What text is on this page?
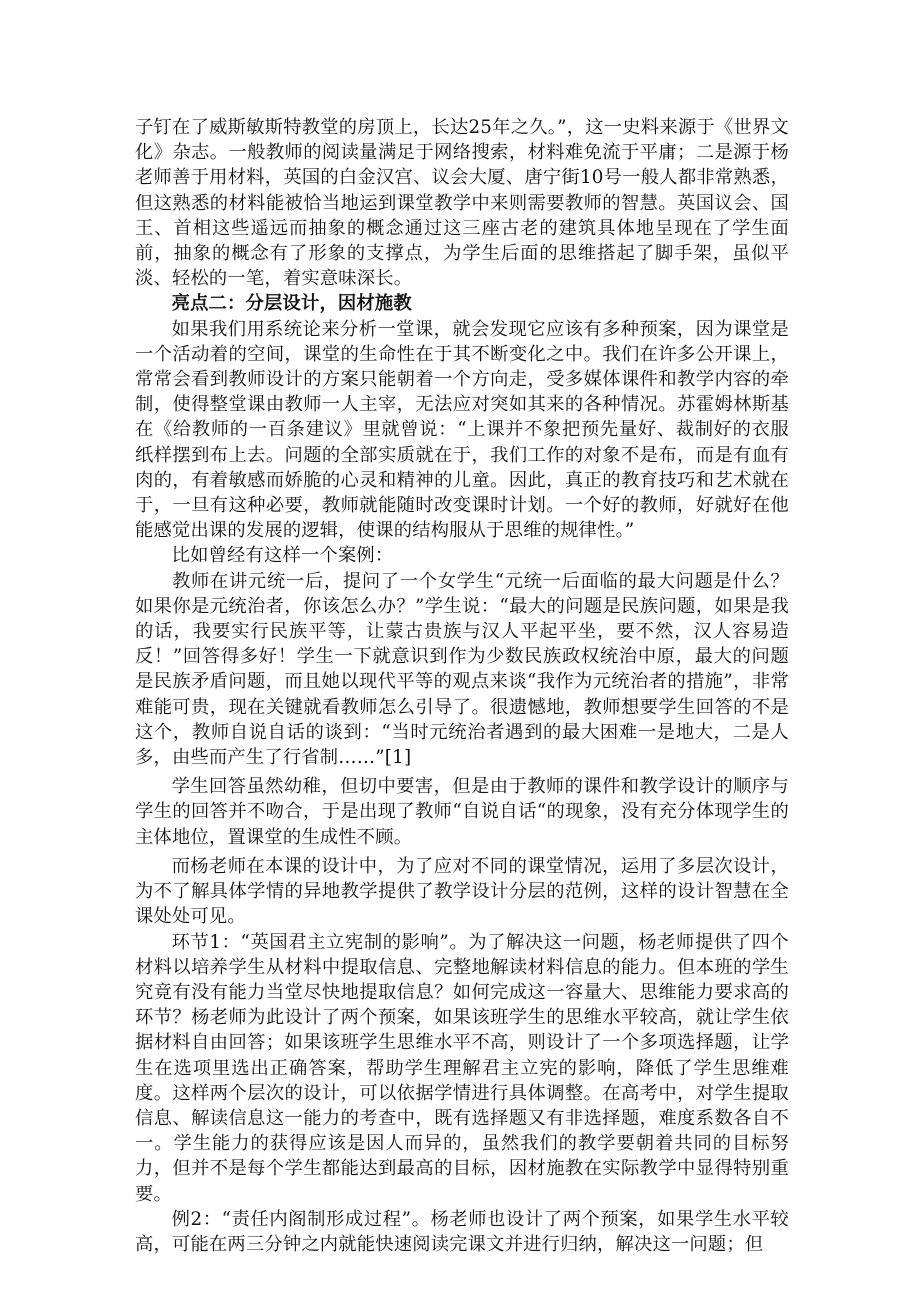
子钉在了威斯敏斯特教堂的房顶上，长达25年之久。”，这一史料来源于《世界文化》杂志。一般教师的阅读量满足于网络搜索，材料难免流于平庸；二是源于杨老师善于用材料，英国的白金汉宫、议会大厦、唐宁街10号一般人都非常熟悉，但这熟悉的材料能被恰当地运到课堂教学中来则需要教师的智慧。英国议会、国王、首相这些遥远而抽象的概念通过这三座古老的建筑具体地呈现在了学生面前，抽象的概念有了形象的支撑点，为学生后面的思维搭起了脚手架，虽似平淡、轻松的一笔，着实意味深长。

亮点二：分层设计，因材施教

如果我们用系统论来分析一堂课，就会发现它应该有多种预案，因为课堂是一个活动着的空间，课堂的生命性在于其不断变化之中。我们在许多公开课上，常常会看到教师设计的方案只能朝着一个方向走，受多媒体课件和教学内容的牵制，使得整堂课由教师一人主宰，无法应对突如其来的各种情况。苏霍姆林斯基在《给教师的一百条建议》里就曾说：“上课并不象把预先量好、裁制好的衣服纸样摆到布上去。问题的全部实质就在于，我们工作的对象不是布，而是有血有肉的，有着敏感而娇脆的心灵和精神的儿童。因此，真正的教育技巧和艺术就在于，一旦有这种必要，教师就能随时改变课时计划。一个好的教师，好就好在他能感觉出课的发展的逻辑，使课的结构服从于思维的规律性。”

比如曾经有这样一个案例：

教师在讲元统一后，提问了一个女学生“元统一后面临的最大问题是什么？如果你是元统治者，你该怎么办？”学生说：“最大的问题是民族问题，如果是我的话，我要实行民族平等，让蒙古贵族与汉人平起平坐，要不然，汉人容易造反！”回答得多好！学生一下就意识到作为少数民族政权统治中原，最大的问题是民族矛盾问题，而且她以现代平等的观点来谈“我作为元统治者的措施”，非常难能可贵，现在关键就看教师怎么引导了。很遗憾地，教师想要学生回答的不是这个，教师自说自话的谈到：“当时元统治者遇到的最大困难一是地大，二是人多，由些而产生了行省制……”[1]

学生回答虽然幼稚，但切中要害，但是由于教师的课件和教学设计的顺序与学生的回答并不吻合，于是出现了教师“自说自话“的现象，没有充分体现学生的主体地位，置课堂的生成性不顾。

而杨老师在本课的设计中，为了应对不同的课堂情况，运用了多层次设计，为不了解具体学情的异地教学提供了教学设计分层的范例，这样的设计智慧在全课处处可见。

环节1：“英国君主立宪制的影响”。为了解决这一问题，杨老师提供了四个材料以培养学生从材料中提取信息、完整地解读材料信息的能力。但本班的学生究竟有没有能力当堂尽快地提取信息？如何完成这一容量大、思维能力要求高的环节？杨老师为此设计了两个预案，如果该班学生的思维水平较高，就让学生依据材料自由回答；如果该班学生思维水平不高，则设计了一个多项选择题，让学生在选项里选出正确答案，帮助学生理解君主立宪的影响，降低了学生思维难度。这样两个层次的设计，可以依据学情进行具体调整。在高考中，对学生提取信息、解读信息这一能力的考查中，既有选择题又有非选择题，难度系数各自不一。学生能力的获得应该是因人而异的，虽然我们的教学要朝着共同的目标努力，但并不是每个学生都能达到最高的目标，因材施教在实际教学中显得特别重要。

例2：“责任内阁制形成过程”。杨老师也设计了两个预案，如果学生水平较高，可能在两三分钟之内就能快速阅读完课文并进行归纳，解决这一问题；但
